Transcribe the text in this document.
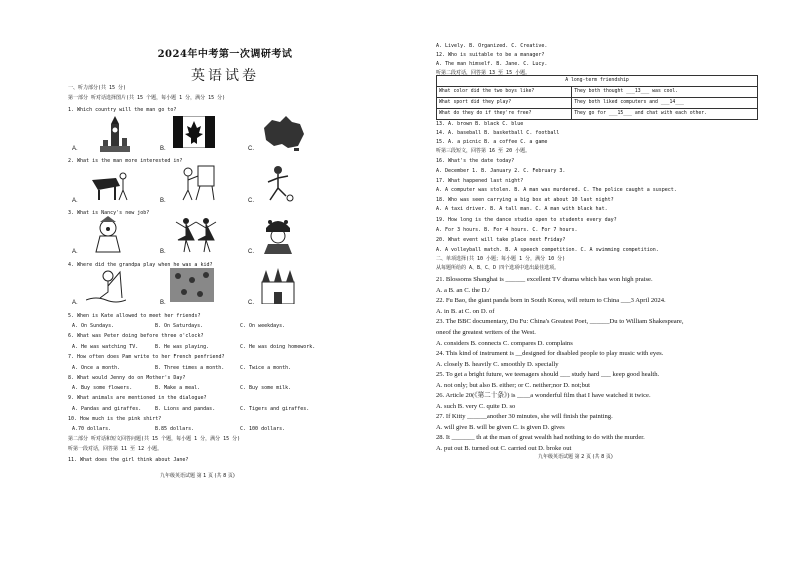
2024年中考第一次调研考试
英语试卷
一、听力部分(共 15 分)
第一部分 听对话选择图片(共 15 个题，每小题 1 分，满分 15 分)
1. Which country will the man go to?
2. What is the man more interested in?
3. What is Nancy's new job?
4. Where did the grandpa play when he was a kid?
5. When is Kate allowed to meet her friends?
6. What was Peter doing before three o'clock?
7. How often does Pam write to her French penfriend?
8. What would Jenny do on Mother's Day?
9. What animals are mentioned in the dialogue?
10. How much is the pink shirt?
第二部分 听对话和短文回答问题(共 15 个题，每小题 1 分，满分 15 分)
听第一段对话，回答第 11 至 12 小题。
11. What does the girl think about Jane?
A. On Sundays.	B. On Saturdays.	C. On weekdays.
A. He was watching TV.	B. He was playing.	C. He was doing homework.
A. Once a month.	B. Three times a month.	C. Twice a month.
A. Buy some flowers.	B. Make a meal.	C. Buy some milk.
A. Pandas and giraffes.	B. Lions and pandas.	C. Tigers and giraffes.
A.70 dollars.	B.85 dollars.	C. 100 dollars.
A.	B.	C.
A.	B.	C.
A.	B.	C.
A.	B.	C.
九年级英语试题 第 1 页 (共 8 页)
A. Lively. B. Organized. C. Creative.
12. Who is suitable to be a manager?
A. The man himself. B. Jane. C. Lucy.
听第二段对话，回答第 13 至 15 小题。
13. A. brown B. black C. blue
14. A. baseball B. basketball C. football
15. A. a picnic B. a coffee C. a game
听第三段短文，回答第 16 至 20 小题。
16. What's the date today?
A. December 1. B. January 2. C. February 3.
17. What happened last night?
A. A computer was stolen. B. A man was murdered. C. The police caught a suspect.
18. Who was seen carrying a big box at about 10 last night?
A. A taxi driver. B. A tall man. C. A man with black hat.
19. How long is the dance studio open to students every day?
A. For 3 hours. B. For 4 hours. C. For 7 hours.
20. What event will take place next Friday?
A. A volleyball match. B. A speech competition. C. A swimming competition.
二、单项选择(共 10 小题；每小题 1 分，满分 10 分)
从每题所给的 A、B、C、D 四个选项中选出最佳选项。
21. Blossoms Shanghai is ______ excellent TV drama which has won high praise.
A. a B. an C. the D./
22. Fu Bao, the giant panda born in South Korea, will return to China ___3 April 2024.
A. in B. at C. on D. of
23. The BBC documentary, Du Fu: China's Greatest Poet, ______Du to William Shakespeare,
oneof the greatest writers of the West.
A. considers B. connects C. compares D. complains
24. This kind of instrument is __designed for disabled people to play music with eyes.
A. closely B. heavily C. smoothly D. specially
25. To get a bright future, we teenagers should ___ study hard ___ keep good health.
A. not only; but also B. either; or C. neither;nor D. not;but
26. Article 20(《第二十条》) is ____a wonderful film that I have watched it twice.
A. such B. very C. quite D. so
27. If Kitty ______another 30 minutes, she will finish the painting.
A. will give B. will be given C. is given D. gives
28. It _______ th at the man of great wealth had nothing to do with the murder.
A. put out B. turned out C. carried out D. broke out
A long-term friendship	
What color did the two boys like?	They both thought ___13___ was cool.
What sport did they play?	They both liked computers and ___14___
What do they do if they're free?	They go for ___15___ and chat with each other.
九年级英语试题 第 2 页 (共 8 页)
